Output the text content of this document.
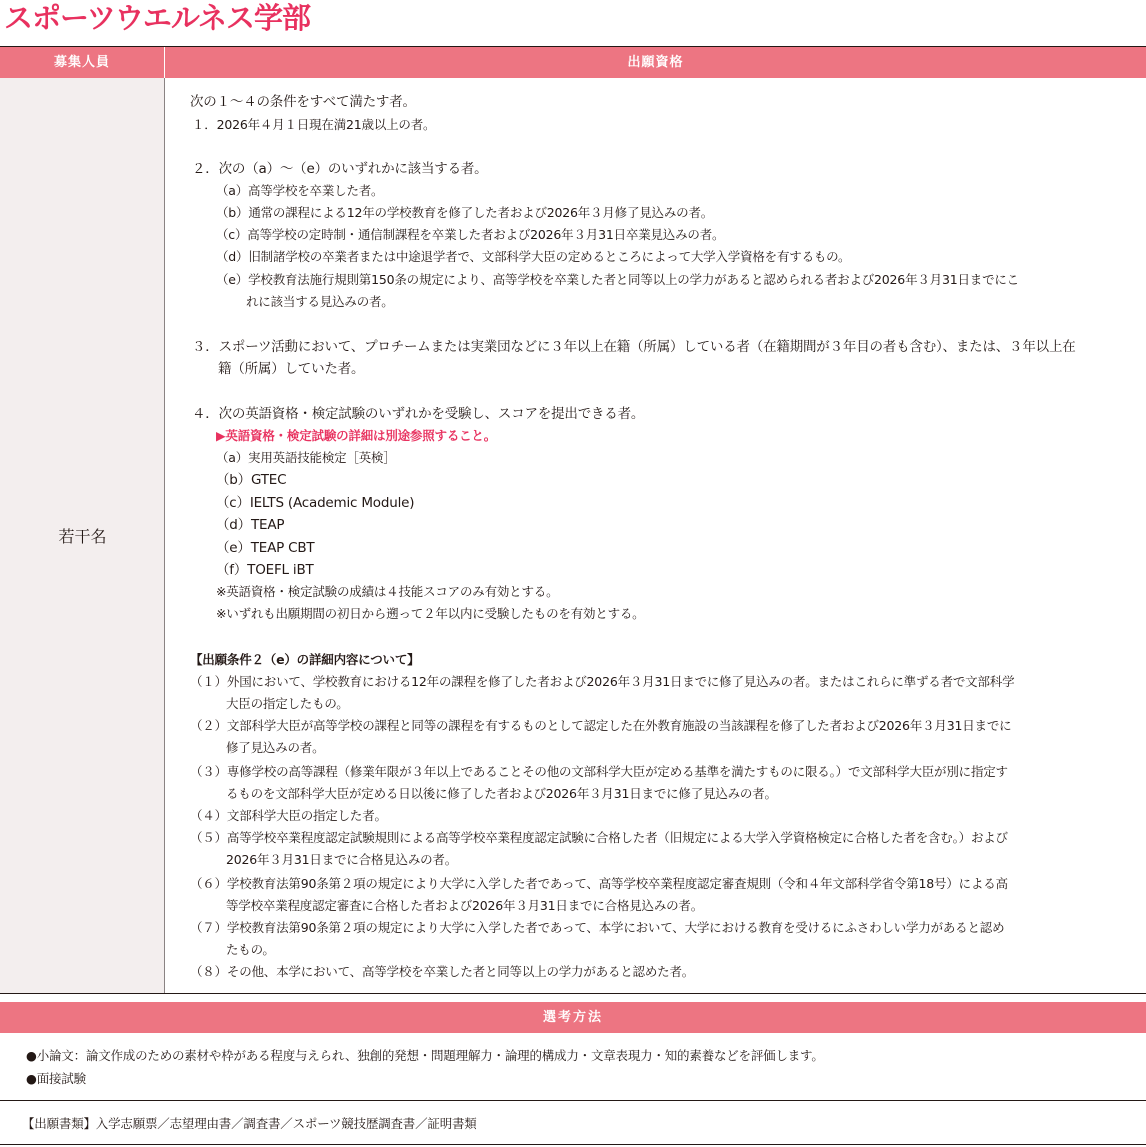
スポーツウエルネス学部
募集人員	出願資格
若干名
次の１～４の条件をすべて満たす者。
１．2026年４月１日現在満21歳以上の者。
２．次の（a）～（e）のいずれかに該当する者。
（a）高等学校を卒業した者。
（b）通常の課程による12年の学校教育を修了した者および2026年３月修了見込みの者。
（c）高等学校の定時制・通信制課程を卒業した者および2026年３月31日卒業見込みの者。
（d）旧制諸学校の卒業者または中途退学者で、文部科学大臣の定めるところによって大学入学資格を有するもの。
（e）学校教育法施行規則第150条の規定により、高等学校を卒業した者と同等以上の学力があると認められる者および2026年３月31日までにこ
れに該当する見込みの者。
３．スポーツ活動において、プロチームまたは実業団などに３年以上在籍（所属）している者（在籍期間が３年目の者も含む）、または、３年以上在
籍（所属）していた者。
４．次の英語資格・検定試験のいずれかを受験し、スコアを提出できる者。
▶英語資格・検定試験の詳細は別途参照すること。
（a）実用英語技能検定［英検］
（b）GTEC
（c）IELTS (Academic Module)
（d）TEAP
（e）TEAP CBT
（f）TOEFL iBT
※英語資格・検定試験の成績は４技能スコアのみ有効とする。
※いずれも出願期間の初日から遡って２年以内に受験したものを有効とする。
【出願条件２（e）の詳細内容について】
（１）外国において、学校教育における12年の課程を修了した者および2026年３月31日までに修了見込みの者。またはこれらに準ずる者で文部科学
大臣の指定したもの。
（２）文部科学大臣が高等学校の課程と同等の課程を有するものとして認定した在外教育施設の当該課程を修了した者および2026年３月31日までに
修了見込みの者。
（３）専修学校の高等課程（修業年限が３年以上であることその他の文部科学大臣が定める基準を満たすものに限る。）で文部科学大臣が別に指定す
るものを文部科学大臣が定める日以後に修了した者および2026年３月31日までに修了見込みの者。
（４）文部科学大臣の指定した者。
（５）高等学校卒業程度認定試験規則による高等学校卒業程度認定試験に合格した者（旧規定による大学入学資格検定に合格した者を含む。）および
2026年３月31日までに合格見込みの者。
（６）学校教育法第90条第２項の規定により大学に入学した者であって、高等学校卒業程度認定審査規則（令和４年文部科学省令第18号）による高
等学校卒業程度認定審査に合格した者および2026年３月31日までに合格見込みの者。
（７）学校教育法第90条第２項の規定により大学に入学した者であって、本学において、大学における教育を受けるにふさわしい学力があると認め
たもの。
（８）その他、本学において、高等学校を卒業した者と同等以上の学力があると認めた者。
選考方法
●小論文：論文作成のための素材や枠がある程度与えられ、独創的発想・問題理解力・論理的構成力・文章表現力・知的素養などを評価します。
●面接試験
【出願書類】入学志願票／志望理由書／調査書／スポーツ競技歴調査書／証明書類
